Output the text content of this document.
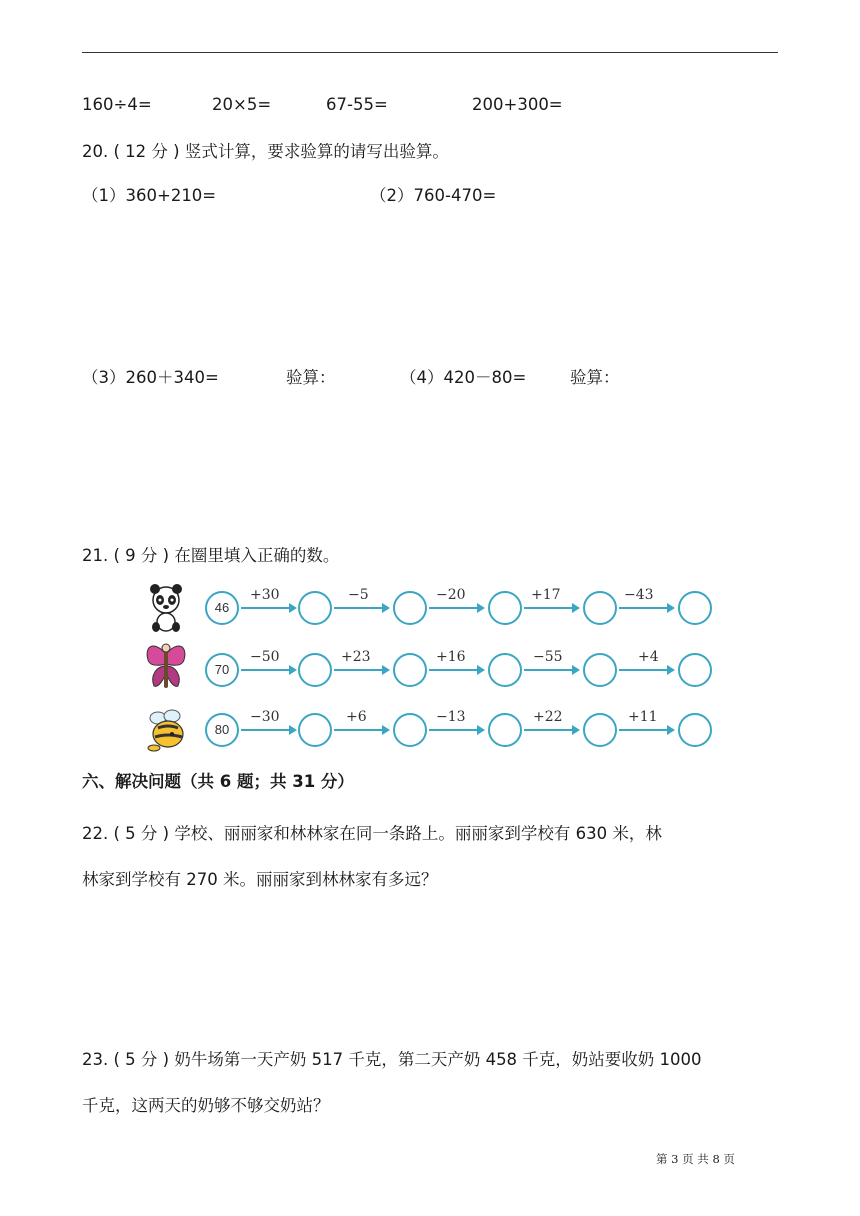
160÷4=	20×5=	67-55=	200+300=
20. ( 12 分 ) 竖式计算，要求验算的请写出验算。
（1）360+210=	（2）760-470=
（3）260＋340=	验算：	（4）420－80=	验算：
21. ( 9 分 ) 在圈里填入正确的数。
46
+30	−5	−20	+17	−43
70
−50	+23	+16	−55	+4
80
−30	+6	−13	+22	+11
六、解决问题（共 6 题；共 31 分）
22. ( 5 分 ) 学校、丽丽家和林林家在同一条路上。丽丽家到学校有 630 米，林
林家到学校有 270 米。丽丽家到林林家有多远？
23. ( 5 分 ) 奶牛场第一天产奶 517 千克，第二天产奶 458 千克，奶站要收奶 1000
千克，这两天的奶够不够交奶站？
第 3 页 共 8 页
